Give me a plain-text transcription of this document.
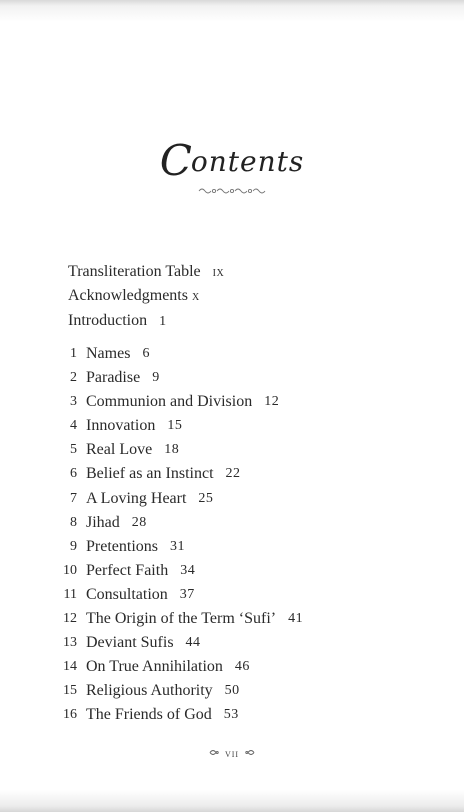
Contents
Transliteration Table ix
Acknowledgments x
Introduction 1
1 Names 6
2 Paradise 9
3 Communion and Division 12
4 Innovation 15
5 Real Love 18
6 Belief as an Instinct 22
7 A Loving Heart 25
8 Jihad 28
9 Pretentions 31
10 Perfect Faith 34
11 Consultation 37
12 The Origin of the Term ‘Sufi’ 41
13 Deviant Sufis 44
14 On True Annihilation 46
15 Religious Authority 50
16 The Friends of God 53
vii
